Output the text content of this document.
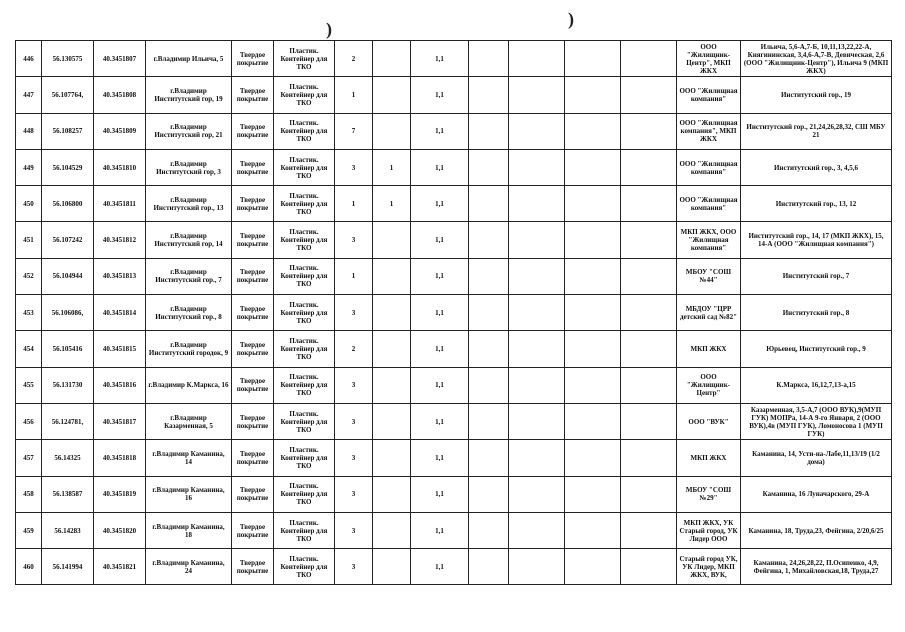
)	)
446	56.130575	40.3451807	г.Владимир Ильича, 5	Твердое покрытие	Пластик. Контейнер для ТКО	2		1,1					ООО "Жилищник-Центр", МКП ЖКХ	Ильича, 5,6-А,7-Б, 10,11,13,22,22-А, Княгининская, 3,4,6-А,7-В, Девическая, 2,6 (ООО "Жилищник-Центр"), Ильича 9 (МКП ЖКХ)
447	56.107764,	40.3451808	г.Владимир Институтский гор, 19	Твердое покрытие	Пластик. Контейнер для ТКО	1		1,1					ООО "Жилищная компания"	Институтский гор., 19
448	56.108257	40.3451809	г.Владимир Институтский гор, 21	Твердое покрытие	Пластик. Контейнер для ТКО	7		1,1					ООО "Жилищная компания", МКП ЖКХ	Институтский гор., 21,24,26,28,32, СШ МБУ 21
449	56.104529	40.3451810	г.Владимир Институтский гор, 3	Твердое покрытие	Пластик. Контейнер для ТКО	3	1	1,1					ООО "Жилищная компания"	Институтский гор., 3, 4,5,6
450	56.106800	40.3451811	г.Владимир Институтский гор., 13	Твердое покрытие	Пластик. Контейнер для ТКО	1	1	1,1					ООО "Жилищная компания"	Институтский гор., 13, 12
451	56.107242	40.3451812	г.Владимир Институтский гор, 14	Твердое покрытие	Пластик. Контейнер для ТКО	3		1,1					МКП ЖКХ, ООО "Жилищная компания"	Институтский гор., 14, 17 (МКП ЖКХ), 15, 14-А (ООО "Жилищная компания")
452	56.104944	40.3451813	г.Владимир Институтский гор., 7	Твердое покрытие	Пластик. Контейнер для ТКО	1		1,1					МБОУ "СОШ №44"	Институтский гор., 7
453	56.106086,	40.3451814	г.Владимир Институтский гор., 8	Твердое покрытие	Пластик. Контейнер для ТКО	3		1,1					МБДОУ "ЦРР детский сад №82"	Институтский гор., 8
454	56.105416	40.3451815	г.Владимир Институтский городок, 9	Твердое покрытие	Пластик. Контейнер для ТКО	2		1,1					МКП ЖКХ	Юрьевец, Институтский гор., 9
455	56.131730	40.3451816	г.Владимир К.Маркса, 16	Твердое покрытие	Пластик. Контейнер для ТКО	3		1,1					ООО "Жилищник-Центр"	К.Маркса, 16,12,7,13-а,15
456	56.124781,	40.3451817	г.Владимир Казарменная, 5	Твердое покрытие	Пластик. Контейнер для ТКО	3		1,1					ООО "ВУК"	Казарменная, 3,5-А,7 (ООО ВУК),9(МУП ГУК) МОПРа, 14-А 9-го Января, 2 (ООО ВУК),4в (МУП ГУК), Ломоносова 1 (МУП ГУК)
457	56.14325	40.3451818	г.Владимир Каманина, 14	Твердое покрытие	Пластик. Контейнер для ТКО	3		1,1					МКП ЖКХ	Каманина, 14, Усти-на-Лабе,11,13/19 (1/2 дома)
458	56.138587	40.3451819	г.Владимир Каманина, 16	Твердое покрытие	Пластик. Контейнер для ТКО	3		1,1					МБОУ "СОШ №29"	Каманина, 16 Луначарского, 29-А
459	56.14283	40.3451820	г.Владимир Каманина, 18	Твердое покрытие	Пластик. Контейнер для ТКО	3		1,1					МКП ЖКХ, УК Старый город, УК Лидер ООО	Каманина, 18, Труда,23, Фейгина, 2/20,6/25
460	56.141994	40.3451821	г.Владимир Каманина, 24	Твердое покрытие	Пластик. Контейнер для ТКО	3		1,1					Старый город УК, УК Лидер, МКП ЖКХ, ВУК,	Каманина, 24,26,28,22, П.Осипенко, 4,9, Фейгина, 1, Михайловская,18, Труда,27
